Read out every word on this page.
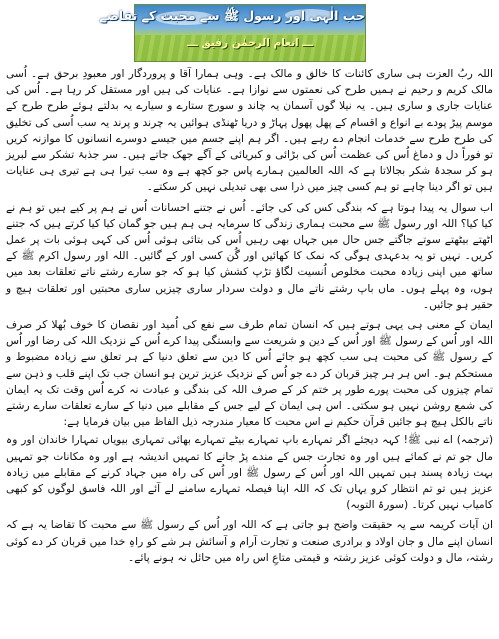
حب الٰہی اور رسول ﷺ سے محبت کے تقاضے
ـــ انعام الرحمٰن رفیق ـــ

اللہ ربُ العزت ہی ساری کائنات کا خالق و مالک ہے۔ وہی ہمارا آقا و پروردگار اور معبودِ برحق ہے۔ اُسی مالک کریم و رحیم نے ہمیں طرح کی نعمتوں سے نوازا ہے۔ عنایات کی ہیں اور مستقل کر رہا ہے۔ اُس کی عنایات جاری و ساری ہیں۔ یہ نیلا گوں آسمان یہ چاند و سورج ستارے و سیارے یہ بدلتے ہوئے طرح طرح کے موسم پیڑ پودے بے انواع و اقسام کے پھل پھول پہاڑ و دریا ٹھنڈی ہوائیں یہ چرند و پرند یہ سب اُسی کی تخلیق کی طرح طرح سے خدمات انجام دے رہے ہیں۔ اگر ہم اپنے جسم میں جیسے دوسرے انسانوں کا موازنہ کریں تو فوراً دل و دماغ اُس کی عظمت اُس کی بڑائی و کبریائی کے آگے جھک جاتے ہیں۔ سر جذبۂ تشکر سے لبریز ہو کر سجدۂ شکر بجالاتا ہے کہ اللہ العالمین ہمارے پاس جو کچھ ہے وہ سب تیرا ہی ہے تیری ہی عنایات ہیں تو اگر دینا چاہے تو ہم کسی چیز میں ذرا سی بھی تبدیلی نہیں کر سکتے۔

اب سوال یہ پیدا ہوتا ہے کہ بندگی کس کی کی جائے۔ اُس نے جتنے احسانات اُس نے ہم پر کیے ہیں تو ہم نے کیا کیا؟ اللہ اور رسول ﷺ سے محبت ہماری زندگی کا سرمایہ ہی ہم ہیں جو گمان کیا کیا کرتے ہیں کہ جتنے اٹھتے بیٹھتے سوتے جاگتے جس حال میں جہاں بھی رہیں اُس کی بتائی ہوئی اُس کی کہی ہوئی بات پر عمل کریں۔ نہیں تو یہ بدعہدی ہوگی کہ نمک کا کھائیں اور گُن کسی اور کے گائیں۔ اللہ اور رسول اکرم ﷺ کے ساتھ میں اپنی زیادہ محبت مخلوص اُنسیت لگاؤ تڑپ کشش کیا ہو کہ جو سارے رشتے ناتے تعلقات بعد میں ہوں، وہ پہلے ہوں۔ ماں باپ رشتے ناتے مال و دولت سردار ساری چیزیں ساری محبتیں اور تعلقات ہیچ و حقیر ہو جائیں۔

ایمان کے معنی ہی یہی ہوتے ہیں کہ انسان تمام طرف سے نفع کی اُمید اور نقصان کا خوف بُھلا کر صرف اللہ اور اُس کے رسول ﷺ اور اُس کے دین و شریعت سے وابستگی پیدا کرے اُس کے نزدیک اللہ کی رضا اور اُس کے رسول ﷺ کی محبت ہی سب کچھ ہو جائے اُس کا دین سے تعلق دنیا کے ہر تعلق سے زیادہ مضبوط و مستحکم ہو۔ اس ہر ہر چیز قربان کر دے جو اُس کے نزدیک عزیز ترین ہو انسان جب تک اپنے قلب و ذہن سے تمام چیزوں کی محبت پورے طور پر ختم کر کے صرف اللہ کی بندگی و عبادت نہ کرے اُس وقت تک یہ ایمان کی شمع روشن نہیں ہو سکتی۔ اس ہی ایمان کے لیے جس کے مقابلے میں دنیا کے سارے تعلقات سارے رشتے ناتے بالکل ہیچ ہو جائیں قرآن حکیم نے اس محبت کا معیار مندرجہ ذیل الفاظ میں بیان فرمایا ہے:

(ترجمہ) اے نبی ﷺ! کہہ دیجئے اگر تمہارے باپ تمہارے بیٹے تمہارے بھائی تمہاری بیویاں تمہارا خاندان اور وہ مال جو تم نے کمائے ہیں اور وہ تجارت جس کے مندے پڑ جانے کا تمہیں اندیشہ ہے اور وہ مکانات جو تمہیں بہت زیادہ پسند ہیں تمہیں اللہ اور اُس کے رسول ﷺ اور اُس کی راہ میں جہاد کرنے کے مقابلے میں زیادہ عزیز ہیں تو تم انتظار کرو یہاں تک کہ اللہ اپنا فیصلہ تمہارے سامنے لے آئے اور اللہ فاسق لوگوں کو کبھی کامیاب نہیں کرتا۔ (سورۃ التوبہ)

ان آیات کریمہ سے یہ حقیقت واضح ہو جاتی ہے کہ اللہ اور اُس کے رسول ﷺ سے محبت کا تقاضا یہ ہے کہ انسان اپنے مال و جان اولاد و برادری صنعت و تجارت آرام و آسائش ہر شے کو راہِ خدا میں قربان کر دے کوئی رشتہ، مال و دولت کوئی عزیز رشتہ و قیمتی متاعِ اس راہ میں حائل نہ ہونے پائے۔
